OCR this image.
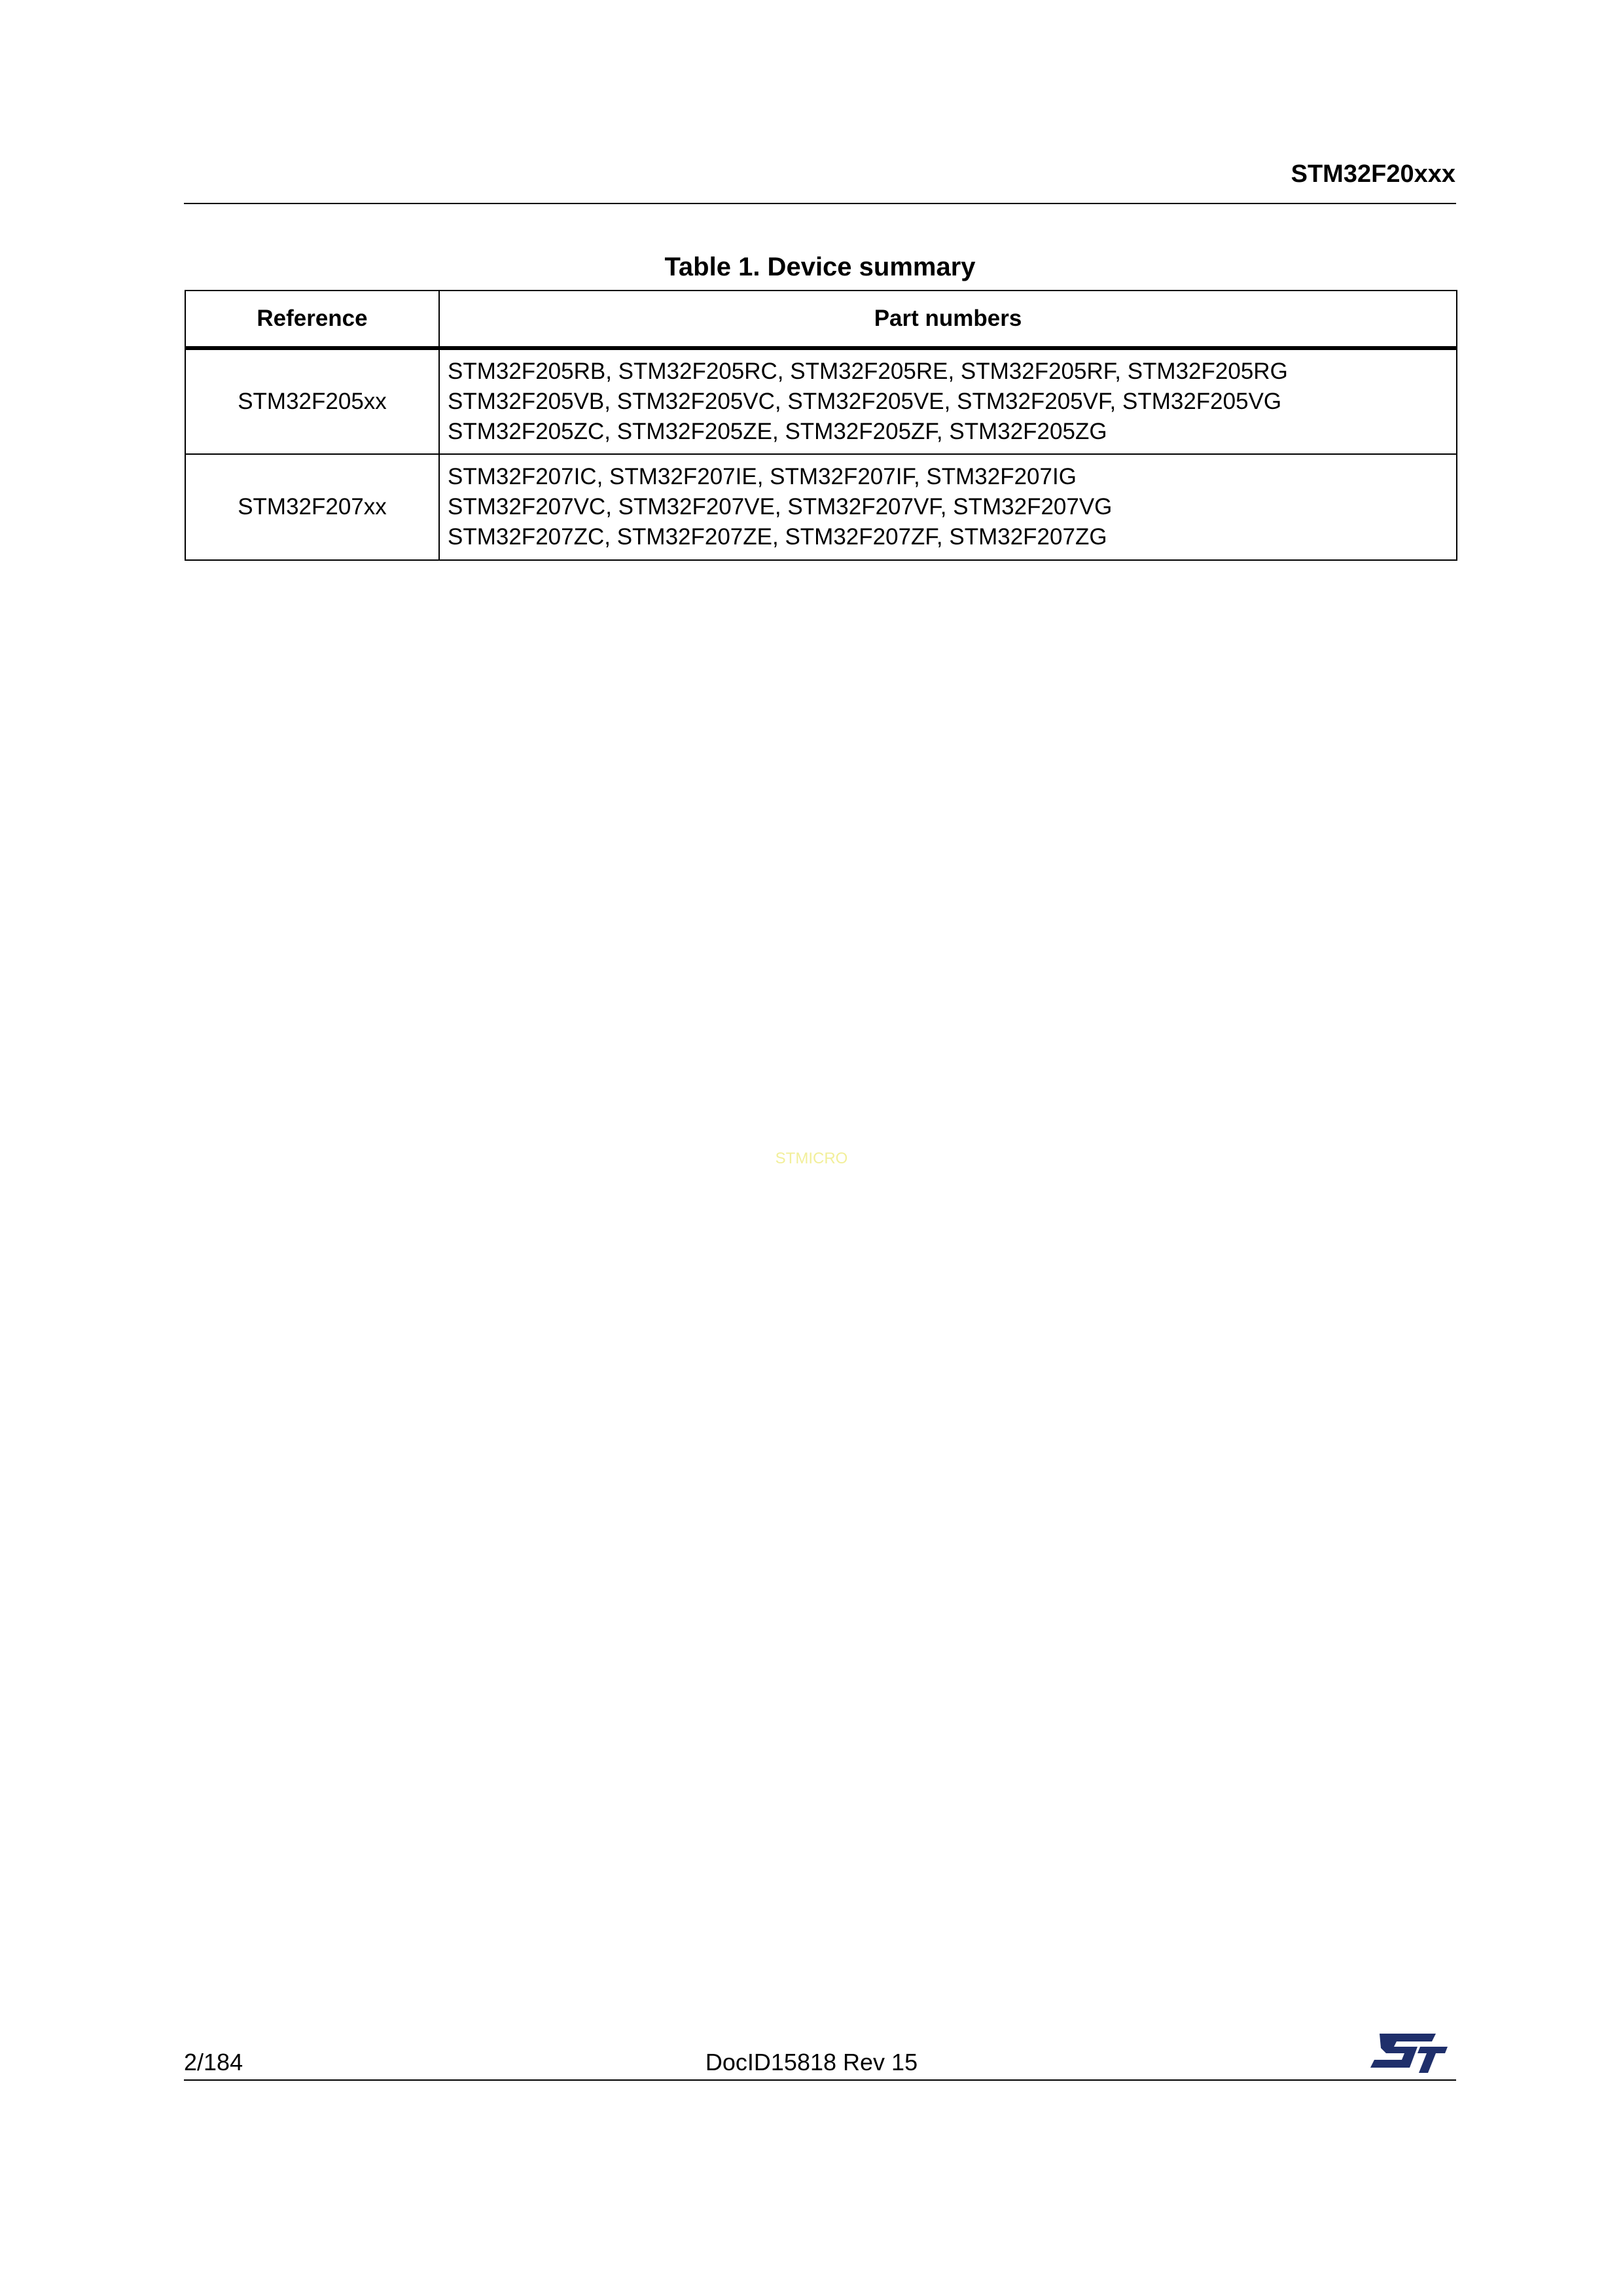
STM32F20xxx
Table 1. Device summary
Reference	Part numbers
STM32F205xx	STM32F205RB, STM32F205RC, STM32F205RE, STM32F205RF, STM32F205RG
STM32F205VB, STM32F205VC, STM32F205VE, STM32F205VF, STM32F205VG
STM32F205ZC, STM32F205ZE, STM32F205ZF, STM32F205ZG

STM32F207xx	STM32F207IC, STM32F207IE, STM32F207IF, STM32F207IG
STM32F207VC, STM32F207VE, STM32F207VF, STM32F207VG
STM32F207ZC, STM32F207ZE, STM32F207ZF, STM32F207ZG
STMICRO
2/184	DocID15818 Rev 15
